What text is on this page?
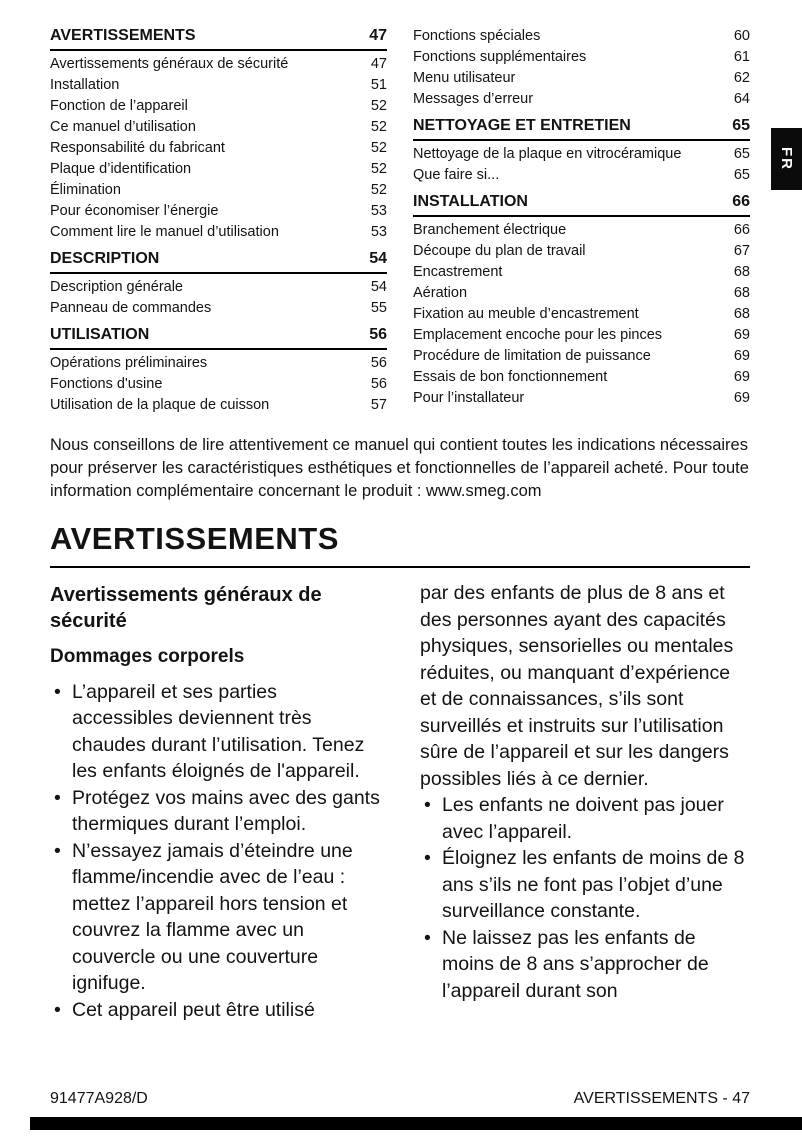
FR
AVERTISSEMENTS	47
Avertissements généraux de sécurité	47
Installation	51
Fonction de l’appareil	52
Ce manuel d’utilisation	52
Responsabilité du fabricant	52
Plaque d’identification	52
Élimination	52
Pour économiser l’énergie	53
Comment lire le manuel d’utilisation	53
DESCRIPTION	54
Description générale	54
Panneau de commandes	55
UTILISATION	56
Opérations préliminaires	56
Fonctions d'usine	56
Utilisation de la plaque de cuisson	57
Fonctions spéciales	60
Fonctions supplémentaires	61
Menu utilisateur	62
Messages d’erreur	64
NETTOYAGE ET ENTRETIEN	65
Nettoyage de la plaque en vitrocéramique	65
Que faire si...	65
INSTALLATION	66
Branchement électrique	66
Découpe du plan de travail	67
Encastrement	68
Aération	68
Fixation au meuble d’encastrement	68
Emplacement encoche pour les pinces	69
Procédure de limitation de puissance	69
Essais de bon fonctionnement	69
Pour l’installateur	69

Nous conseillons de lire attentivement ce manuel qui contient toutes les indications nécessaires pour préserver les caractéristiques esthétiques et fonctionnelles de l’appareil acheté. Pour toute information complémentaire concernant le produit : www.smeg.com

AVERTISSEMENTS
Avertissements généraux de sécurité
Dommages corporels
• L’appareil et ses parties accessibles deviennent très chaudes durant l’utilisation. Tenez les enfants éloignés de l'appareil.
• Protégez vos mains avec des gants thermiques durant l’emploi.
• N’essayez jamais d’éteindre une flamme/incendie avec de l’eau : mettez l’appareil hors tension et couvrez la flamme avec un couvercle ou une couverture ignifuge.
• Cet appareil peut être utilisé

par des enfants de plus de 8 ans et des personnes ayant des capacités physiques, sensorielles ou mentales réduites, ou manquant d’expérience et de connaissances, s’ils sont surveillés et instruits sur l’utilisation sûre de l’appareil et sur les dangers possibles liés à ce dernier.

• Les enfants ne doivent pas jouer avec l’appareil.
• Éloignez les enfants de moins de 8 ans s’ils ne font pas l’objet d’une surveillance constante.
• Ne laissez pas les enfants de moins de 8 ans s’approcher de l’appareil durant son
91477A928/D	AVERTISSEMENTS - 47
